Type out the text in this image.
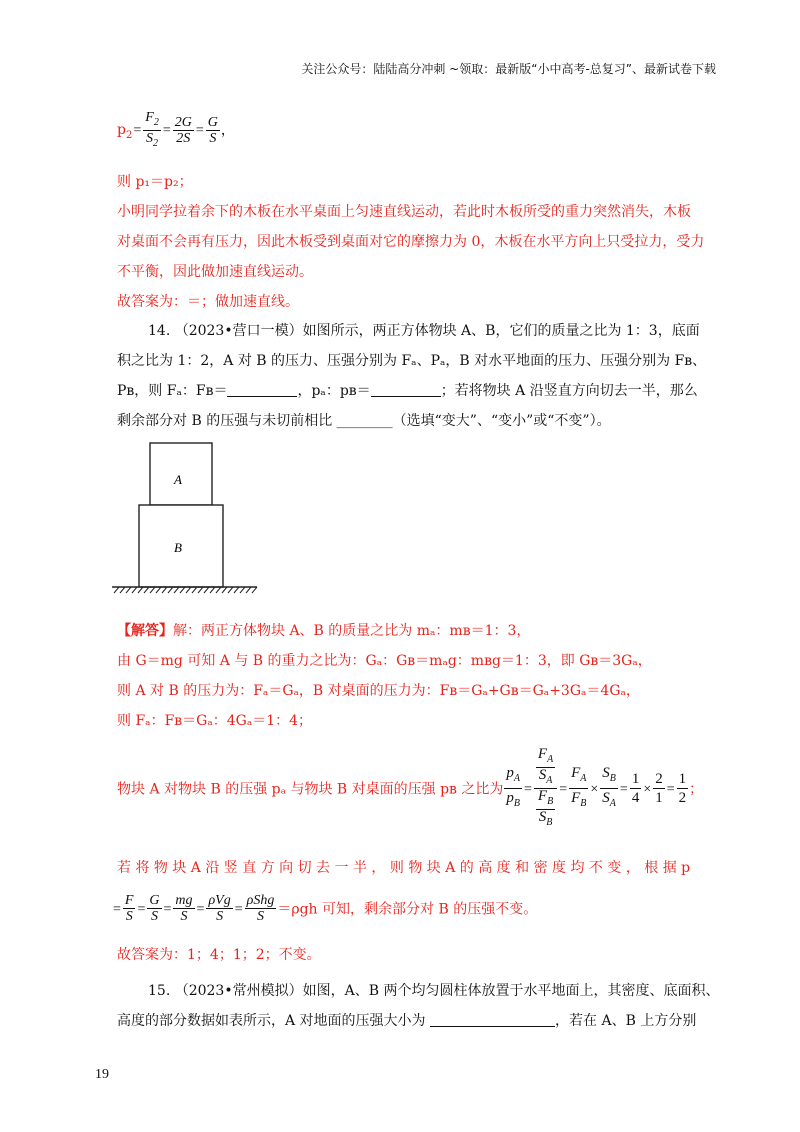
关注公众号：陆陆高分冲刺 ~领取：最新版“小中高考-总复习”、最新试卷下载
$p_2= \frac{F_2}{S_2} = \frac{2G}{2S} = \frac{G}{S}$ ，
则 p₁＝p₂；
小明同学拉着余下的木板在水平桌面上匀速直线运动，若此时木板所受的重力突然消失，木板
对桌面不会再有压力，因此木板受到桌面对它的摩擦力为 0，木板在水平方向上只受拉力，受力
不平衡，因此做加速直线运动。
故答案为：＝；做加速直线。
14. （2023•营口一模）如图所示，两正方体物块 A、B，它们的质量之比为 1：3，底面
积之比为 1：2，A 对 B 的压力、压强分别为 Fₐ、Pₐ，B 对水平地面的压力、压强分别为 Fʙ、
Pʙ，则 Fₐ：Fʙ＝	，pₐ：pʙ＝	；若将物块 A 沿竖直方向切去一半，那么
剩余部分对 B 的压强与未切前相比 ________（选填“变大”、“变小”或“不变”）。
A
B
【解答】解：两正方体物块 A、B 的质量之比为 mₐ：mʙ＝1：3，
由 G＝mg 可知 A 与 B 的重力之比为：Gₐ：Gʙ＝mₐg：mʙg＝1：3，即 Gʙ＝3Gₐ，
则 A 对 B 的压力为：Fₐ＝Gₐ，B 对桌面的压力为：Fʙ＝Gₐ+Gʙ＝Gₐ+3Gₐ＝4Gₐ，
则 Fₐ：Fʙ＝Gₐ：4Gₐ＝1：4；
物块 A 对物块 B 的压强 pₐ 与物块 B 对桌面的压强 pʙ 之比为 $\frac{p_A}{p_B} = \frac{\frac{F_A}{S_A}}{\frac{F_B}{S_B}} = \frac{F_A}{F_B} \times \frac{S_B}{S_A} = \frac{1}{4} \times \frac{2}{1} = \frac{1}{2}$ ；
若 将 物 块 A 沿 竖 直 方 向 切 去 一 半 ， 则 物 块 A 的 高 度 和 密 度 均 不 变 ， 根 据 p
= $\frac{F}{S} = \frac{G}{S} = \frac{mg}{S} = \frac{\text{ρVg}}{S} = \frac{\text{ρShg}}{S} =\rho gh$ 可知，剩余部分对 B 的压强不变。
故答案为：1；4；1；2；不变。
15. （2023•常州模拟）如图，A、B 两个均匀圆柱体放置于水平地面上，其密度、底面积、
高度的部分数据如表所示，A 对地面的压强大小为	，若在 A、B 上方分别
19
